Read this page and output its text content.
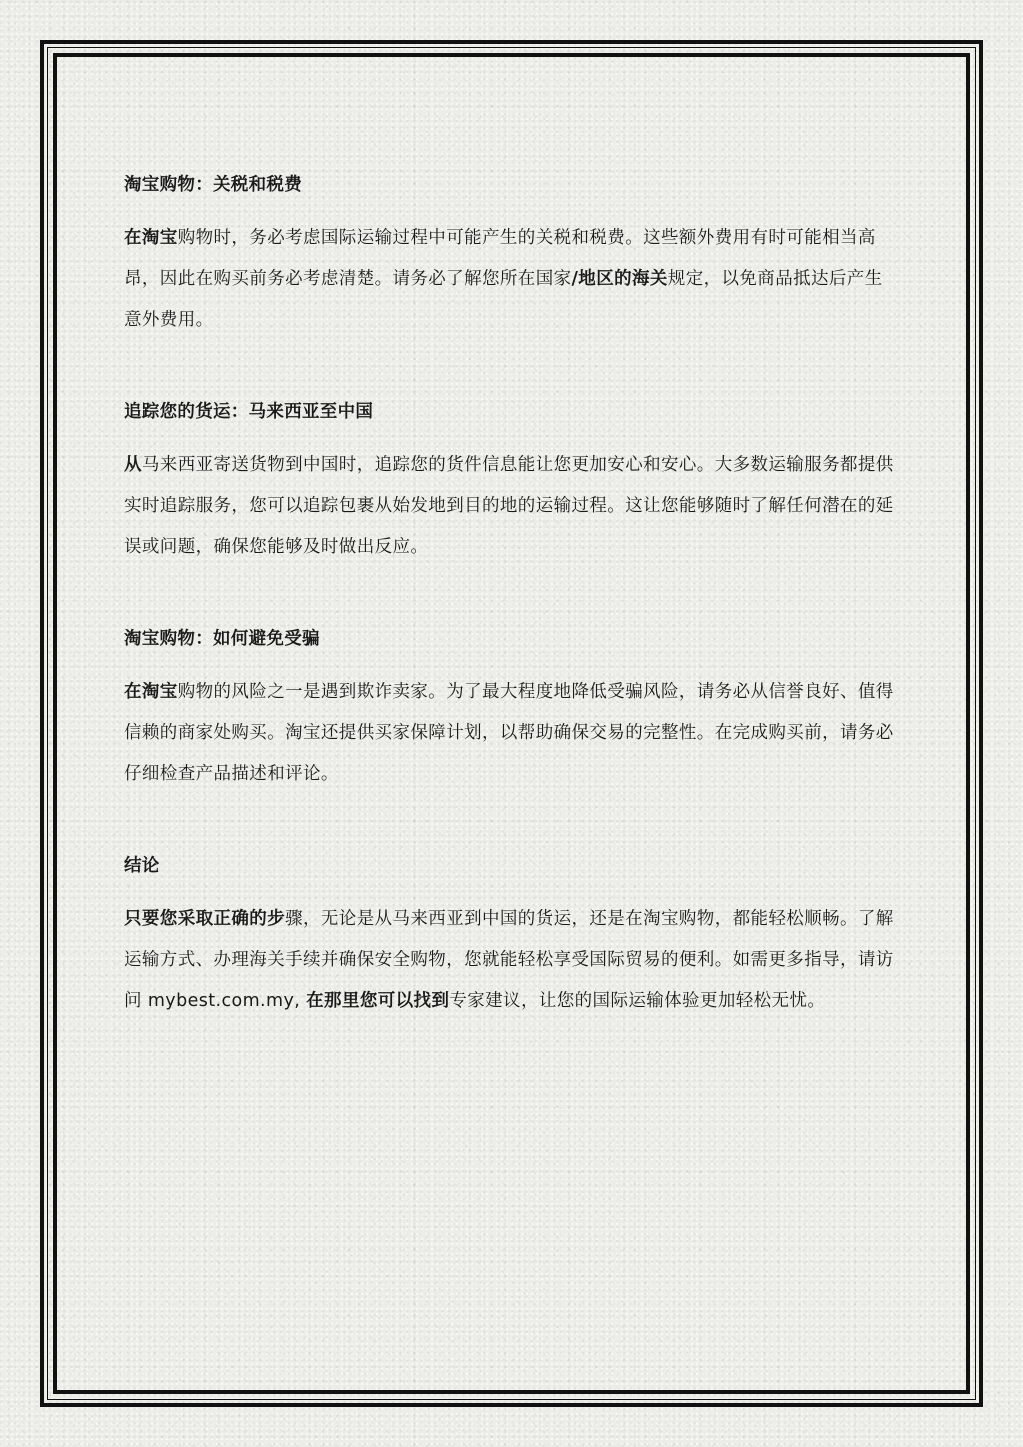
淘宝购物：关税和税费

在淘宝购物时，务必考虑国际运输过程中可能产生的关税和税费。这些额外费用有时可能相当高昂，因此在购买前务必考虑清楚。请务必了解您所在国家/地区的海关规定，以免商品抵达后产生意外费用。

追踪您的货运：马来西亚至中国

从马来西亚寄送货物到中国时，追踪您的货件信息能让您更加安心和安心。大多数运输服务都提供实时追踪服务，您可以追踪包裹从始发地到目的地的运输过程。这让您能够随时了解任何潜在的延误或问题，确保您能够及时做出反应。

淘宝购物：如何避免受骗

在淘宝购物的风险之一是遇到欺诈卖家。为了最大程度地降低受骗风险，请务必从信誉良好、值得信赖的商家处购买。淘宝还提供买家保障计划，以帮助确保交易的完整性。在完成购买前，请务必仔细检查产品描述和评论。

结论

只要您采取正确的步骤，无论是从马来西亚到中国的货运，还是在淘宝购物，都能轻松顺畅。了解运输方式、办理海关手续并确保安全购物，您就能轻松享受国际贸易的便利。如需更多指导，请访问 mybest.com.my, 在那里您可以找到专家建议，让您的国际运输体验更加轻松无忧。
